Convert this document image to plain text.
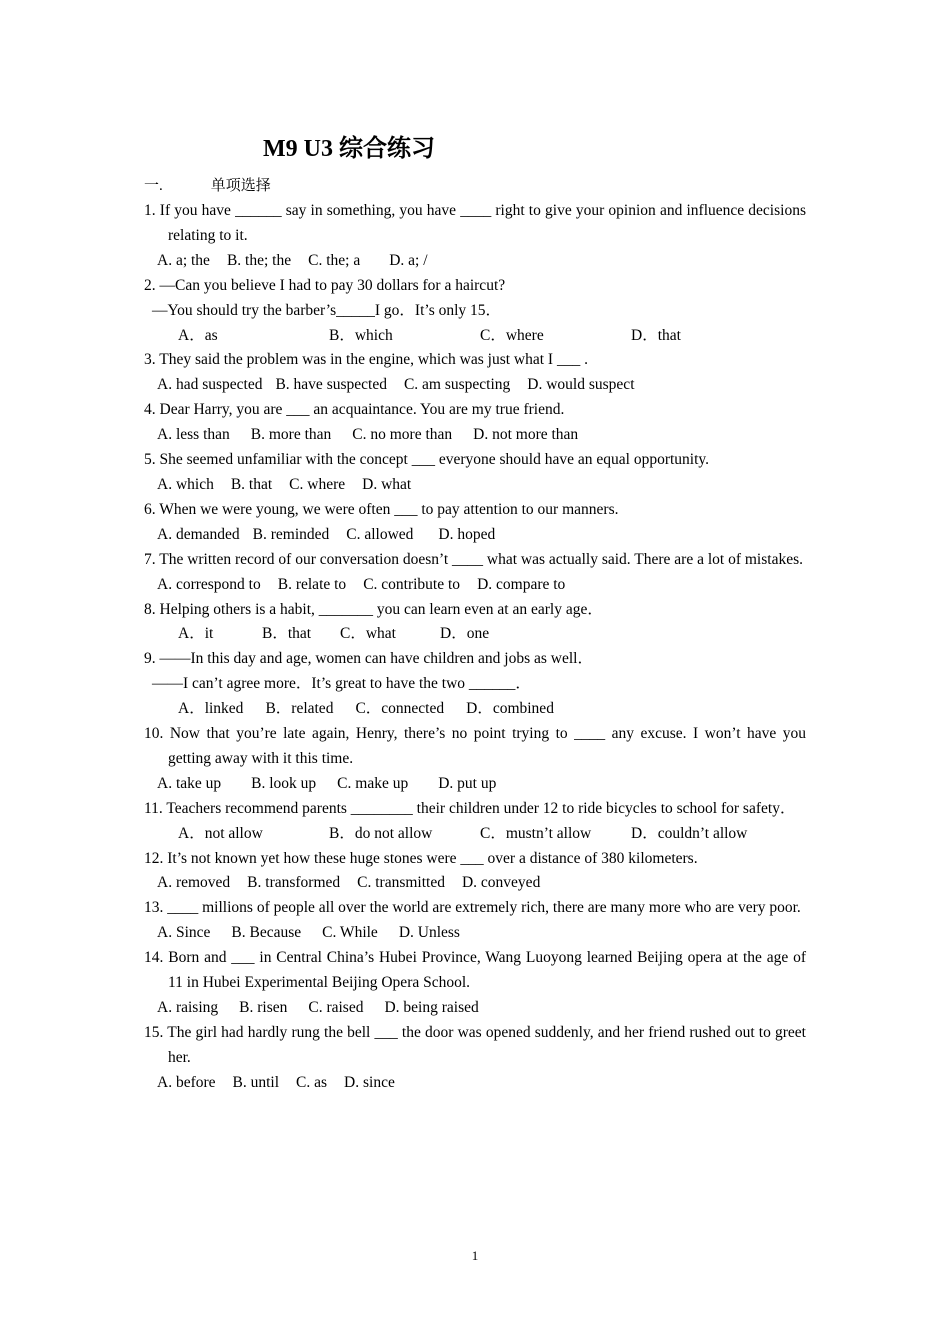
M9 U3 综合练习
一.	单项选择
1. If you have ______ say in something, you have ____ right to give your opinion and influence decisions relating to it.
A. a; the B. the; the C. the; a D. a; /
2. —Can you believe I had to pay 30 dollars for a haircut?
—You should try the barber’s_____I go．It’s only 15．
A．as	B．which	C．where	D．that
3. They said the problem was in the engine, which was just what I ___ .
A. had suspected B. have suspected C. am suspecting D. would suspect
4. Dear Harry, you are ___ an acquaintance. You are my true friend.
A. less than B. more than C. no more than D. not more than
5. She seemed unfamiliar with the concept ___ everyone should have an equal opportunity.
A. which B. that C. where D. what
6. When we were young, we were often ___ to pay attention to our manners.
A. demanded B. reminded C. allowed D. hoped
7. The written record of our conversation doesn’t ____ what was actually said. There are a lot of mistakes.
A. correspond to B. relate to C. contribute to D. compare to
8. Helping others is a habit, _______ you can learn even at an early age．
A．it	B．that C．what	D．one
9. ——In this day and age, women can have children and jobs as well．
——I can’t agree more．It’s great to have the two ______．
A．linked B．related C．connected D．combined
10. Now that you’re late again, Henry, there’s no point trying to ____ any excuse. I won’t have you getting away with it this time.
A. take up B. look up C. make up D. put up
11. Teachers recommend parents ________ their children under 12 to ride bicycles to school for safety．
A．not allow	B．do not allow	C．mustn’t allow	D．couldn’t allow
12. It’s not known yet how these huge stones were ___ over a distance of 380 kilometers.
A. removed B. transformed C. transmitted D. conveyed
13. ____ millions of people all over the world are extremely rich, there are many more who are very poor.
A. Since B. Because C. While D. Unless
14. Born and ___ in Central China’s Hubei Province, Wang Luoyong learned Beijing opera at the age of 11 in Hubei Experimental Beijing Opera School.
A. raising B. risen C. raised D. being raised
15. The girl had hardly rung the bell ___ the door was opened suddenly, and her friend rushed out to greet her.
A. before B. until C. as D. since
1
